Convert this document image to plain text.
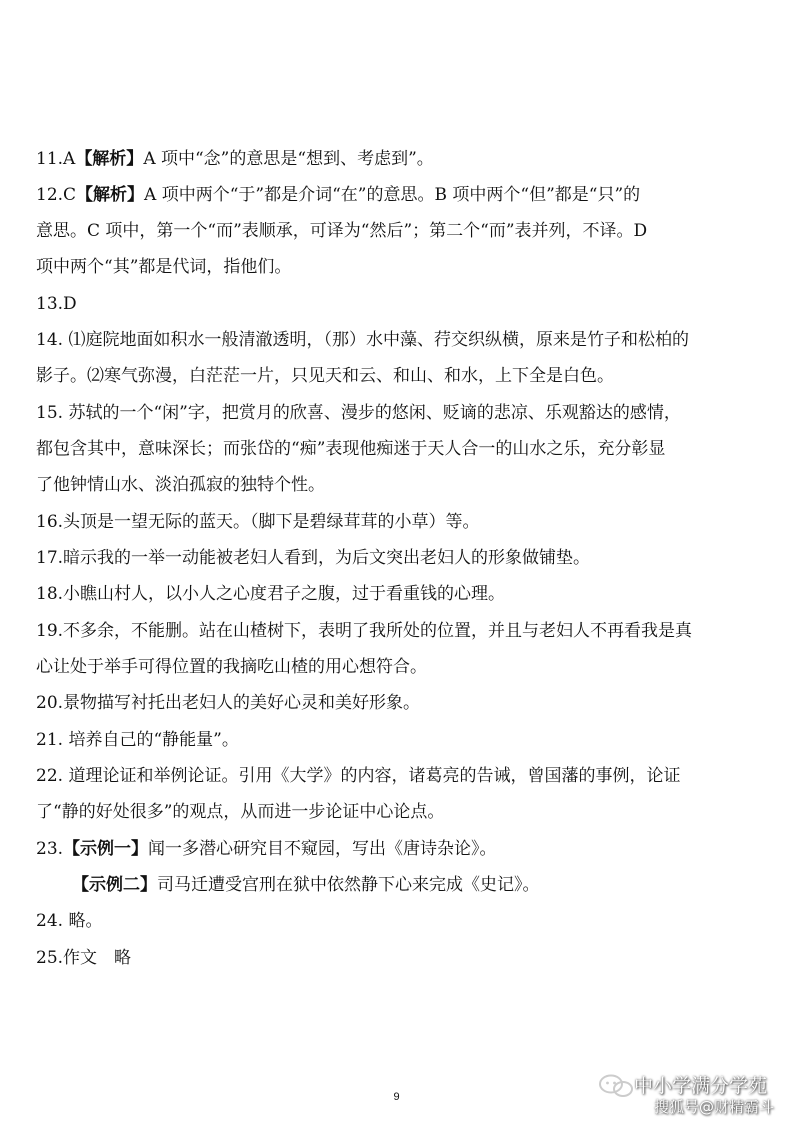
11.A【解析】A 项中“念”的意思是“想到、考虑到”。
12.C【解析】A 项中两个“于”都是介词“在”的意思。B 项中两个“但”都是“只”的
意思。C 项中，第一个“而”表顺承，可译为“然后”；第二个“而”表并列，不译。D
项中两个“其”都是代词，指他们。
13.D
14. ⑴庭院地面如积水一般清澈透明，（那）水中藻、荇交织纵横，原来是竹子和松柏的
影子。⑵寒气弥漫，白茫茫一片，只见天和云、和山、和水，上下全是白色。
15. 苏轼的一个“闲”字，把赏月的欣喜、漫步的悠闲、贬谪的悲凉、乐观豁达的感情，
都包含其中，意味深长；而张岱的“痴”表现他痴迷于天人合一的山水之乐，充分彰显
了他钟情山水、淡泊孤寂的独特个性。
16.头顶是一望无际的蓝天。（脚下是碧绿茸茸的小草）等。
17.暗示我的一举一动能被老妇人看到，为后文突出老妇人的形象做铺垫。
18.小瞧山村人，以小人之心度君子之腹，过于看重钱的心理。
19.不多余，不能删。站在山楂树下，表明了我所处的位置，并且与老妇人不再看我是真
心让处于举手可得位置的我摘吃山楂的用心想符合。
20.景物描写衬托出老妇人的美好心灵和美好形象。
21. 培养自己的“静能量”。
22. 道理论证和举例论证。引用《大学》的内容，诸葛亮的告诫，曾国藩的事例，论证
了“静的好处很多”的观点，从而进一步论证中心论点。
23.【示例一】闻一多潜心研究目不窥园，写出《唐诗杂论》。
【示例二】司马迁遭受宫刑在狱中依然静下心来完成《史记》。
24. 略。
25.作文　略
9	中小学满分学苑
搜狐号@财精霸斗
